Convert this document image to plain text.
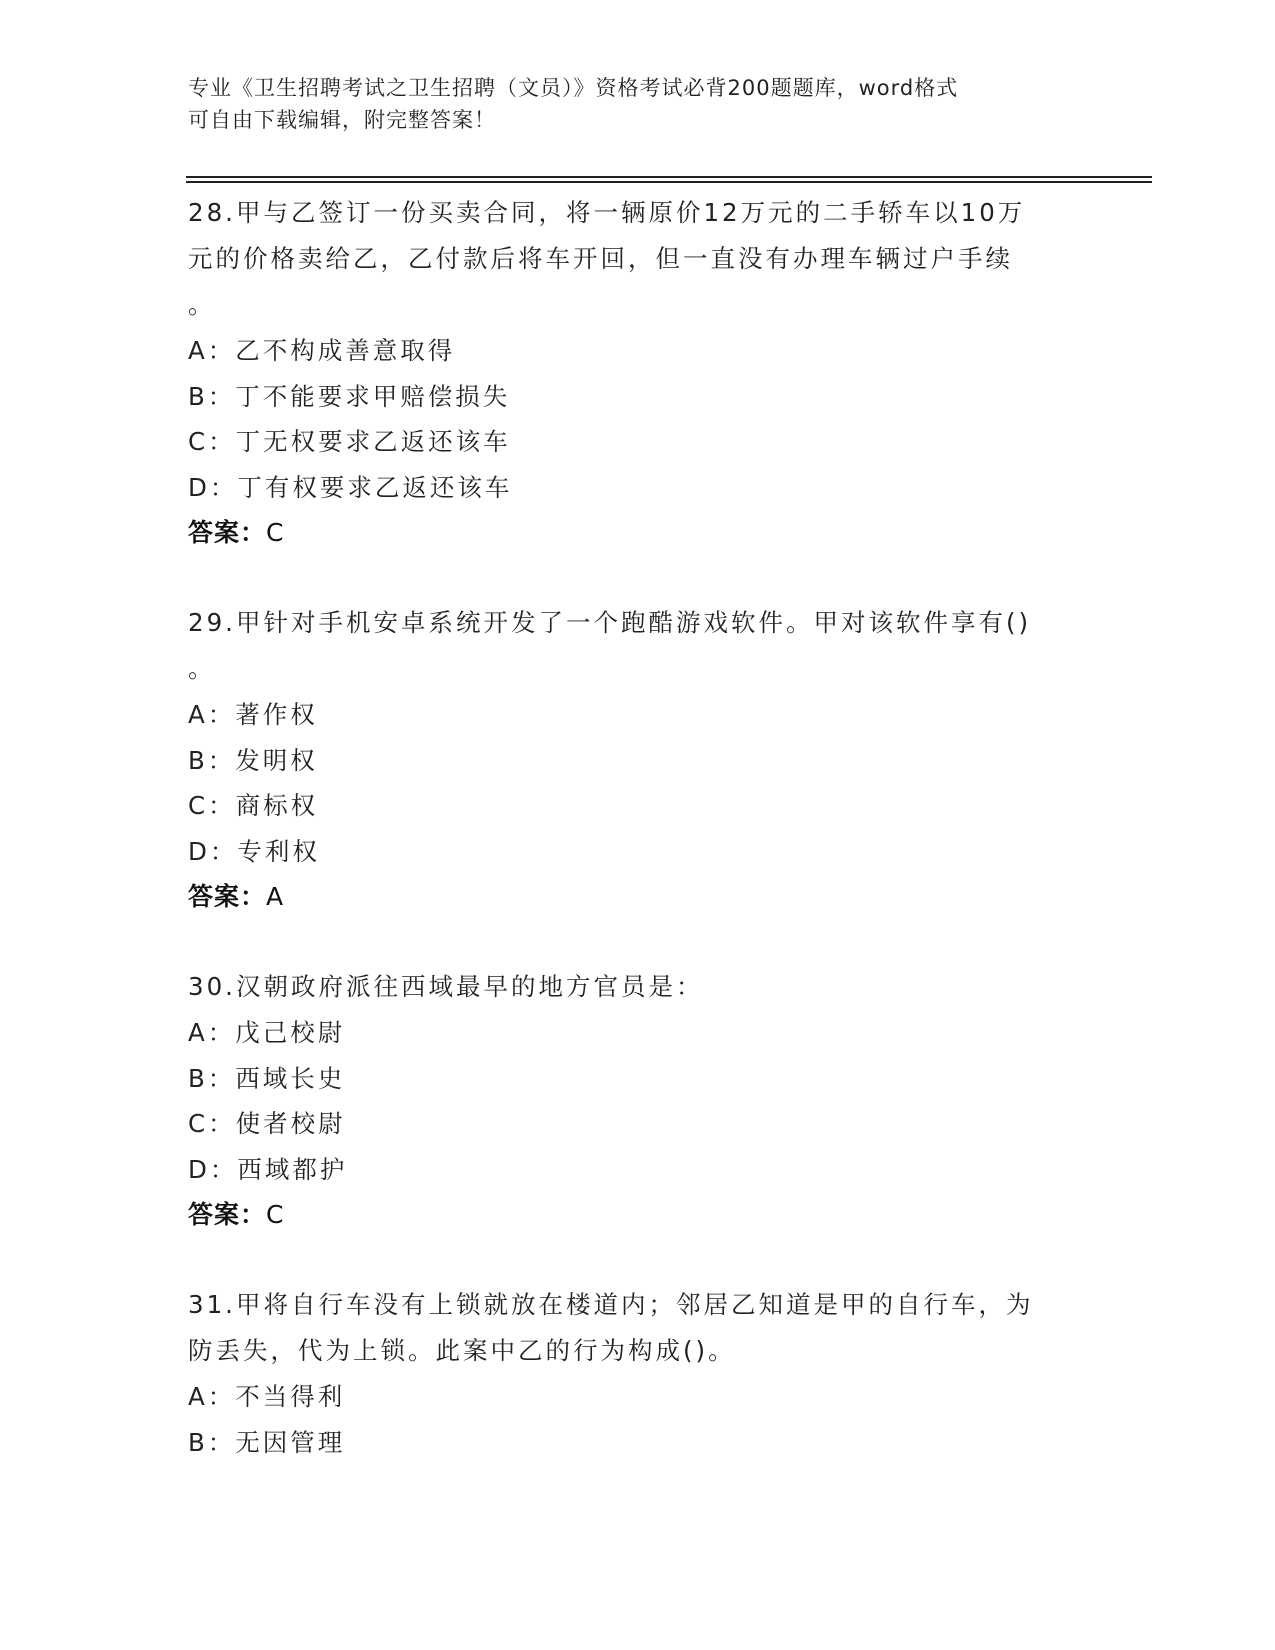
专业《卫生招聘考试之卫生招聘（文员）》资格考试必背200题题库，word格式
可自由下载编辑，附完整答案！
28.甲与乙签订一份买卖合同，将一辆原价12万元的二手轿车以10万
元的价格卖给乙，乙付款后将车开回，但一直没有办理车辆过户手续
。
A：乙不构成善意取得
B：丁不能要求甲赔偿损失
C：丁无权要求乙返还该车
D：丁有权要求乙返还该车
答案：C
29.甲针对手机安卓系统开发了一个跑酷游戏软件。甲对该软件享有()
。
A：著作权
B：发明权
C：商标权
D：专利权
答案：A
30.汉朝政府派往西域最早的地方官员是：
A：戊己校尉
B：西域长史
C：使者校尉
D：西域都护
答案：C
31.甲将自行车没有上锁就放在楼道内；邻居乙知道是甲的自行车，为
防丢失，代为上锁。此案中乙的行为构成()。
A：不当得利
B：无因管理
